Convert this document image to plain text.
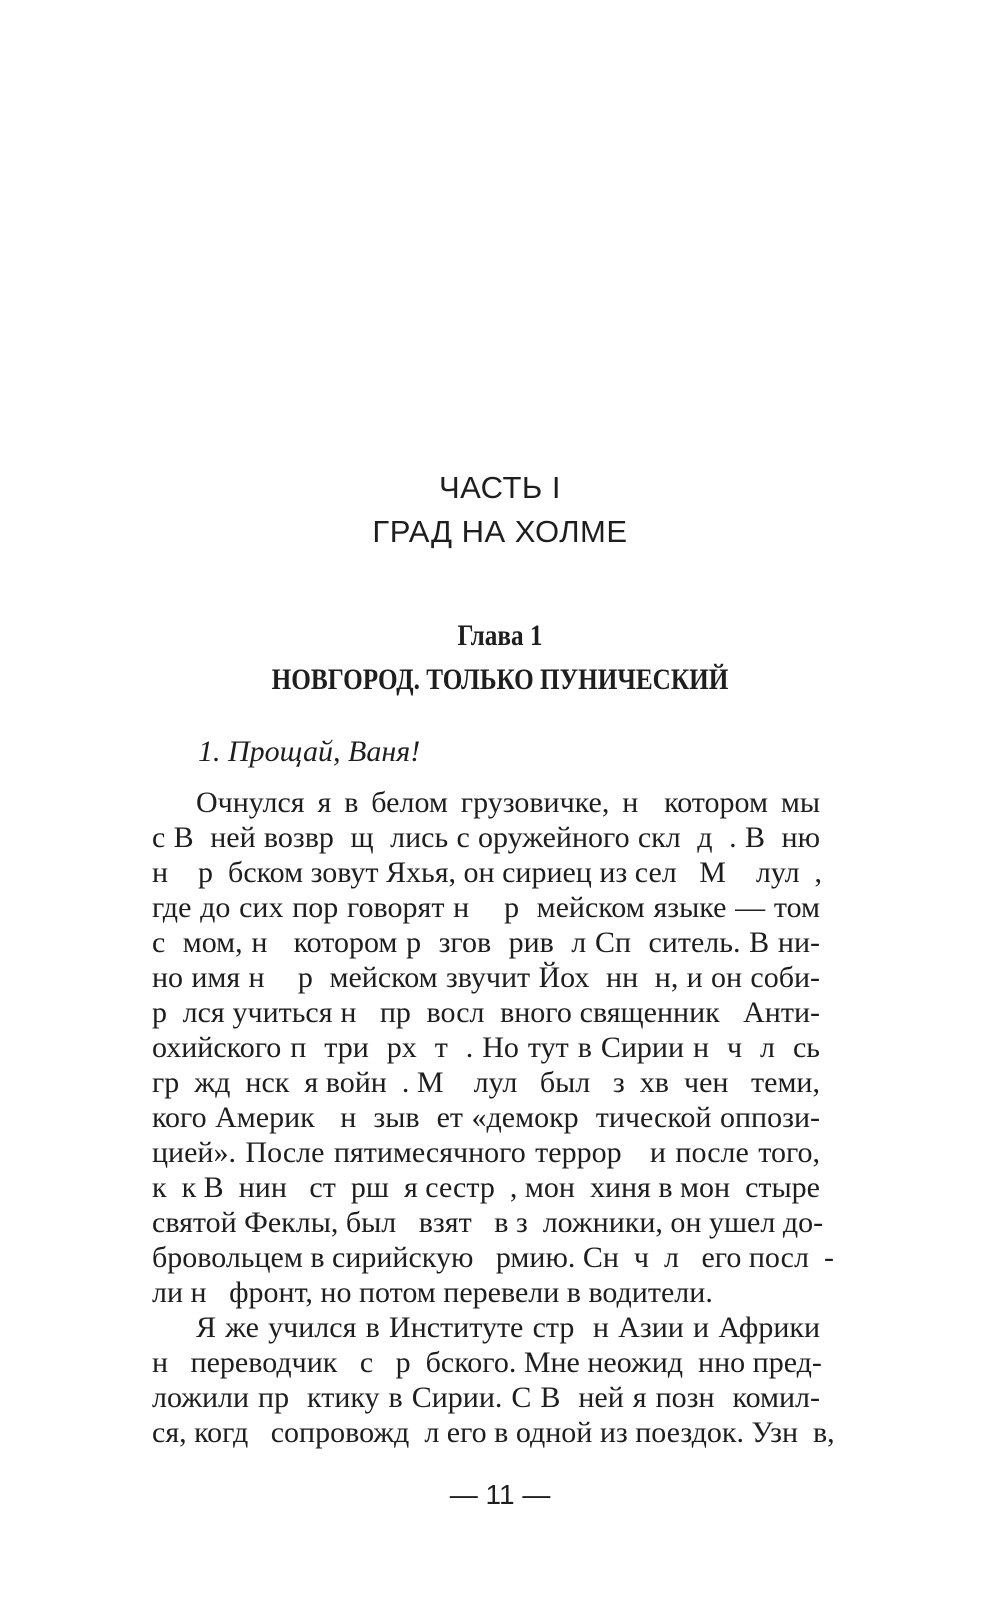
ЧАСТЬ I
ГРАД НА ХОЛМЕ
Глава 1
НОВГОРОД. ТОЛЬКО ПУНИЧЕСКИЙ
1. Прощай, Ваня!
Очнулся я в белом грузовичке, н  котором мы
с В  ней возвр  щ  лись с оружейного скл  д  . В  ню
н    р  бском зовут Яхья, он сириец из сел   М    лул  ,
где до сих пор говорят н    р  мейском языке — том
с  мом, н   котором р  згов  рив  л Сп  ситель. В ни-
но имя н    р  мейском звучит Йох  нн  н, и он соби-
р  лся учиться н   пр  восл  вного священник   Анти-
охийского п  три  рх  т  . Но тут в Сирии н  ч  л  сь
гр  жд  нск  я войн  . М    лул   был   з  хв  чен   теми,
кого Америк   н  зыв  ет «демокр  тической оппози-
цией». После пятимесячного террор   и после того,
к  к В  нин   ст  рш  я сестр  , мон  хиня в мон  стыре
святой Феклы, был   взят   в з  ложники, он ушел до-
бровольцем в сирийскую   рмию. Сн  ч  л   его посл  -
ли н   фронт, но потом перевели в водители.
Я же учился в Институте стр  н Азии и Африки
н   переводчик   с   р  бского. Мне неожид  нно пред-
ложили пр  ктику в Сирии. С В  ней я позн  комил-
ся, когд   сопровожд  л его в одной из поездок. Узн  в,
— 11 —
